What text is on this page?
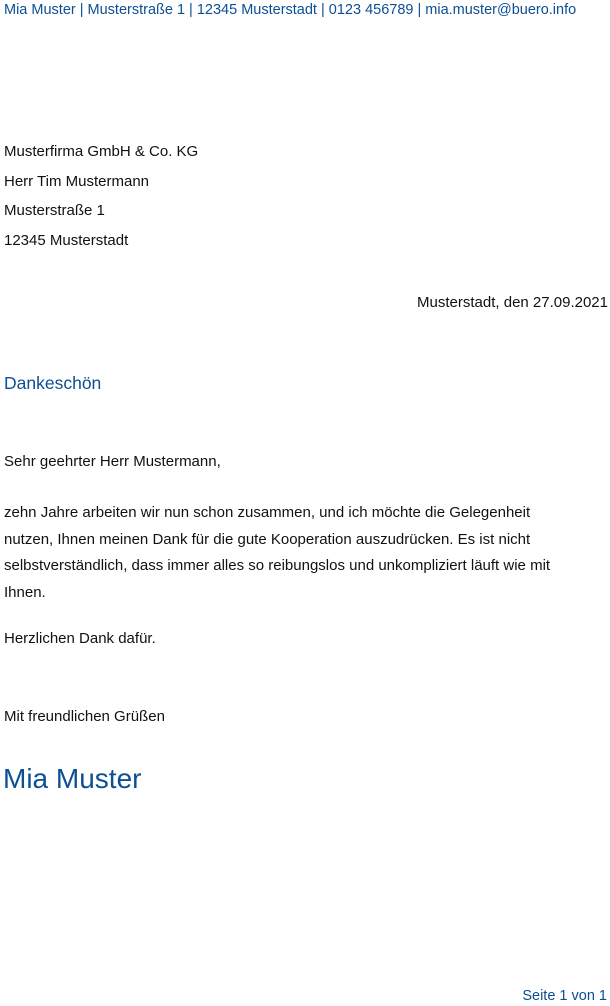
Mia Muster | Musterstraße 1 | 12345 Musterstadt | 0123 456789 | mia.muster@buero.info
Musterfirma GmbH & Co. KG
Herr Tim Mustermann
Musterstraße 1
12345 Musterstadt
Musterstadt, den 27.09.2021
Dankeschön
Sehr geehrter Herr Mustermann,
zehn Jahre arbeiten wir nun schon zusammen, und ich möchte die Gelegenheit
nutzen, Ihnen meinen Dank für die gute Kooperation auszudrücken. Es ist nicht
selbstverständlich, dass immer alles so reibungslos und unkompliziert läuft wie mit
Ihnen.
Herzlichen Dank dafür.
Mit freundlichen Grüßen
Mia Muster
Seite 1 von 1
